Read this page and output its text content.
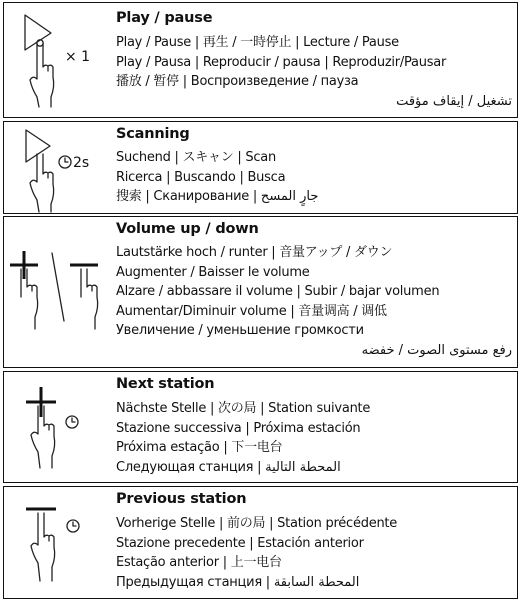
× 1
Play / pause
Play / Pause | 再生 / 一時停止 | Lecture / Pause
Play / Pausa | Reproducir / pausa | Reproduzir/Pausar
播放 / 暂停 | Воспроизведение / пауза
تشغيل / إيقاف مؤقت
2s
Scanning
Suchend | スキャン | Scan
Ricerca | Buscando | Busca
搜索 | Сканирование | جارٍ المسح
Volume up / down
Lautstärke hoch / runter | 音量アップ / ダウン
Augmenter / Baisser le volume
Alzare / abbassare il volume | Subir / bajar volumen
Aumentar/Diminuir volume | 音量调高 / 调低
Увеличение / уменьшение громкости
رفع مستوى الصوت / خفضه
Next station
Nächste Stelle | 次の局 | Station suivante
Stazione successiva | Próxima estación
Próxima estação | 下一电台
Следующая станция | المحطة التالية
Previous station
Vorherige Stelle | 前の局 | Station précédente
Stazione precedente | Estación anterior
Estação anterior | 上一电台
Предыдущая станция | المحطة السابقة
